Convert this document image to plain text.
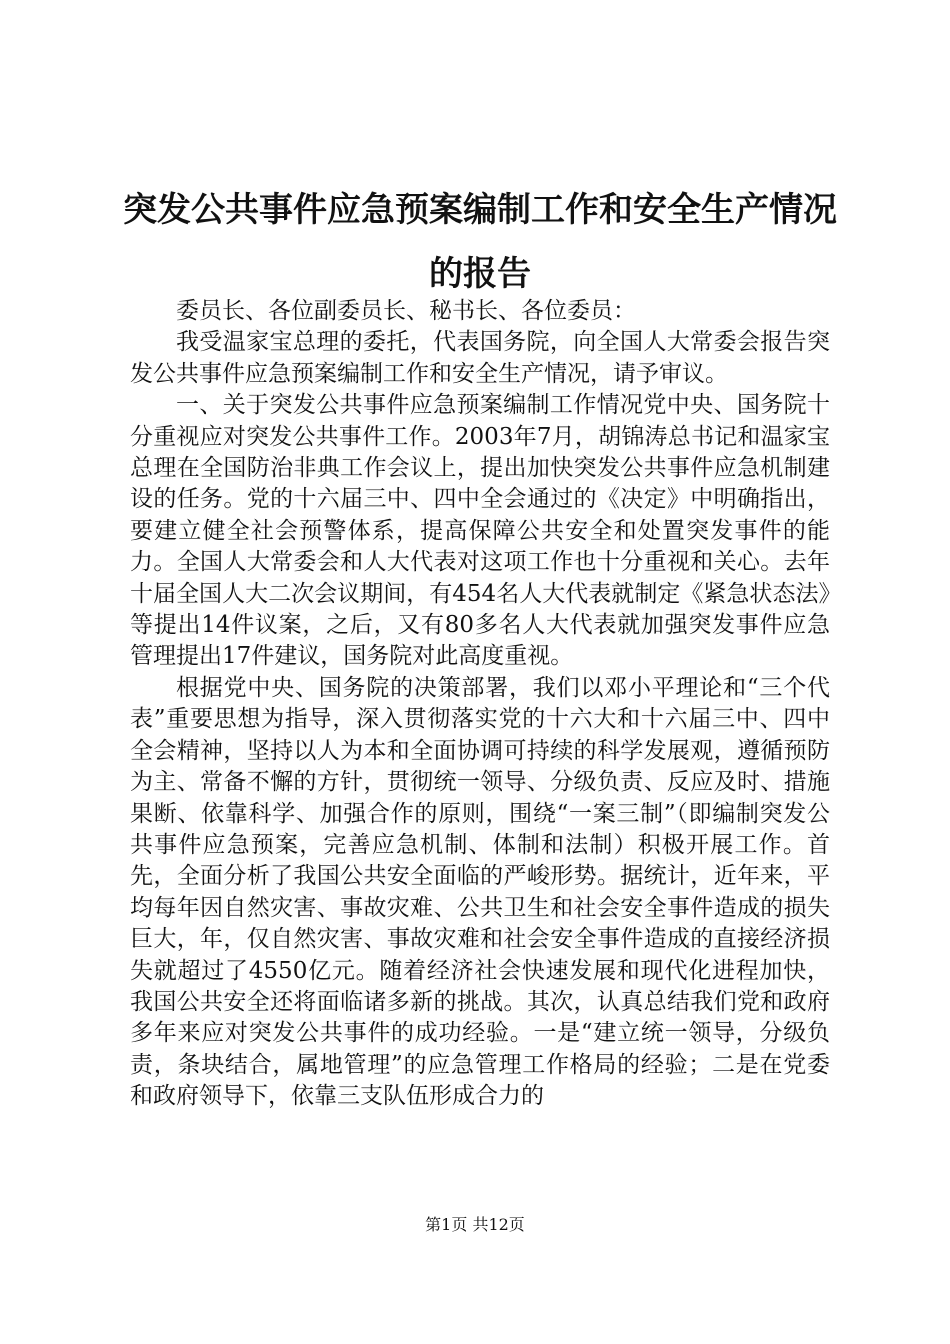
突发公共事件应急预案编制工作和安全生产情况的报告

委员长、各位副委员长、秘书长、各位委员：

我受温家宝总理的委托，代表国务院，向全国人大常委会报告突发公共事件应急预案编制工作和安全生产情况，请予审议。

一、关于突发公共事件应急预案编制工作情况党中央、国务院十分重视应对突发公共事件工作。2003年7月，胡锦涛总书记和温家宝总理在全国防治非典工作会议上，提出加快突发公共事件应急机制建设的任务。党的十六届三中、四中全会通过的《决定》中明确指出，要建立健全社会预警体系，提高保障公共安全和处置突发事件的能力。全国人大常委会和人大代表对这项工作也十分重视和关心。去年十届全国人大二次会议期间，有454名人大代表就制定《紧急状态法》等提出14件议案，之后，又有80多名人大代表就加强突发事件应急管理提出17件建议，国务院对此高度重视。

根据党中央、国务院的决策部署，我们以邓小平理论和“三个代表”重要思想为指导，深入贯彻落实党的十六大和十六届三中、四中全会精神，坚持以人为本和全面协调可持续的科学发展观，遵循预防为主、常备不懈的方针，贯彻统一领导、分级负责、反应及时、措施果断、依靠科学、加强合作的原则，围绕“一案三制”（即编制突发公共事件应急预案，完善应急机制、体制和法制）积极开展工作。首先，全面分析了我国公共安全面临的严峻形势。据统计，近年来，平均每年因自然灾害、事故灾难、公共卫生和社会安全事件造成的损失巨大，年，仅自然灾害、事故灾难和社会安全事件造成的直接经济损失就超过了4550亿元。随着经济社会快速发展和现代化进程加快，我国公共安全还将面临诸多新的挑战。其次，认真总结我们党和政府多年来应对突发公共事件的成功经验。一是“建立统一领导，分级负责，条块结合，属地管理”的应急管理工作格局的经验；二是在党委和政府领导下，依靠三支队伍形成合力的

第1页 共12页
